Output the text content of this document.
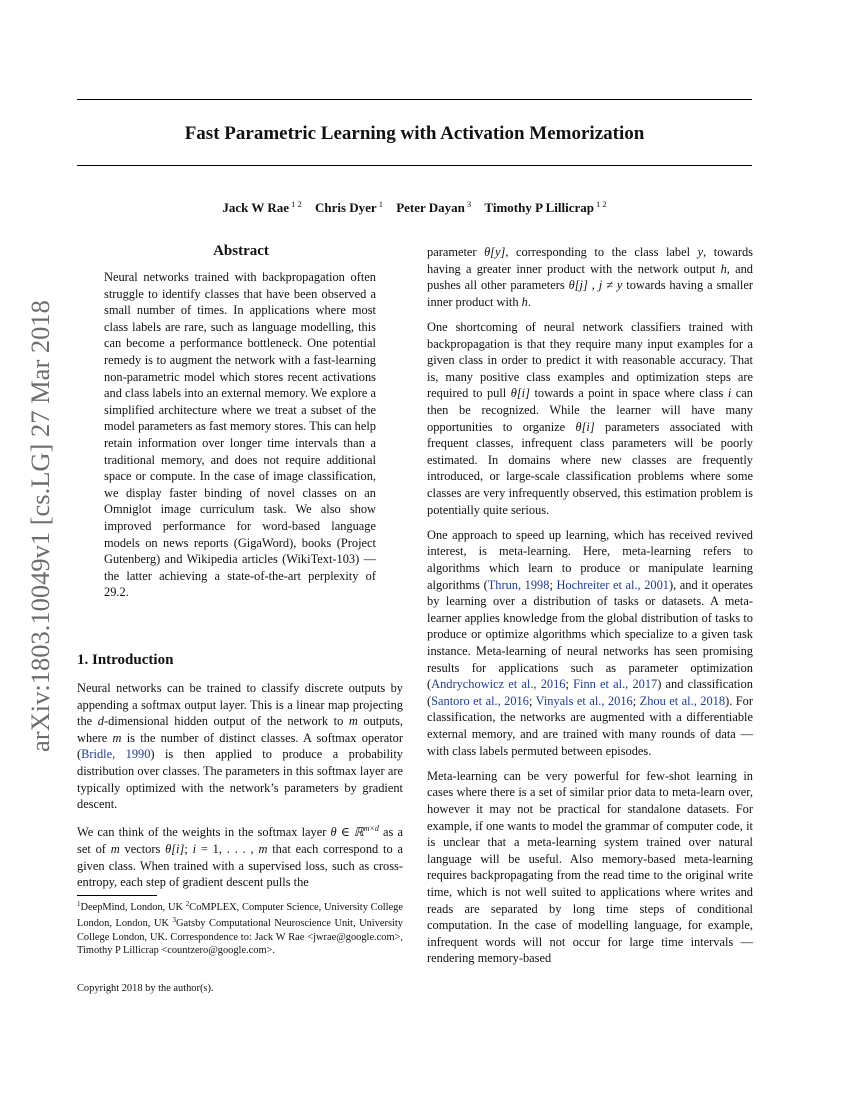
arXiv:1803.10049v1 [cs.LG] 27 Mar 2018
Fast Parametric Learning with Activation Memorization
Jack W Rae $^{1 2}$ Chris Dyer $^1$ Peter Dayan $^3$ Timothy P Lillicrap $^{1 2}$
Abstract

Neural networks trained with backpropagation often struggle to identify classes that have been observed a small number of times. In applications where most class labels are rare, such as language modelling, this can become a performance bottleneck. One potential remedy is to augment the network with a fast-learning non-parametric model which stores recent activations and class labels into an external memory. We explore a simplified architecture where we treat a subset of the model parameters as fast memory stores. This can help retain information over longer time intervals than a traditional memory, and does not require additional space or compute. In the case of image classification, we display faster binding of novel classes on an Omniglot image curriculum task. We also show improved performance for word-based language models on news reports (GigaWord), books (Project Gutenberg) and Wikipedia articles (WikiText-103) — the latter achieving a state-of-the-art perplexity of 29.2.

1. Introduction

Neural networks can be trained to classify discrete outputs by appending a softmax output layer. This is a linear map projecting the d-dimensional hidden output of the network to m outputs, where m is the number of distinct classes. A softmax operator (Bridle, 1990) is then applied to produce a probability distribution over classes. The parameters in this softmax layer are typically optimized with the network’s parameters by gradient descent.

We can think of the weights in the softmax layer θ ∈ ℝ$^{m\times d}$ as a set of m vectors θ[i]; i = 1, . . . , m that each correspond to a given class. When trained with a supervised loss, such as cross-entropy, each step of gradient descent pulls the

$^1$DeepMind, London, UK $^2$CoMPLEX, Computer Science, University College London, London, UK $^3$Gatsby Computational Neuroscience Unit, University College London, UK. Correspondence to: Jack W Rae <jwrae@google.com>, Timothy P Lillicrap <countzero@google.com>.
Copyright 2018 by the author(s).

parameter θ[y], corresponding to the class label y, towards having a greater inner product with the network output h, and pushes all other parameters θ[j] , j ≠ y towards having a smaller inner product with h.

One shortcoming of neural network classifiers trained with backpropagation is that they require many input examples for a given class in order to predict it with reasonable accuracy. That is, many positive class examples and optimization steps are required to pull θ[i] towards a point in space where class i can then be recognized. While the learner will have many opportunities to organize θ[i] parameters associated with frequent classes, infrequent class parameters will be poorly estimated. In domains where new classes are frequently introduced, or large-scale classification problems where some classes are very infrequently observed, this estimation problem is potentially quite serious.

One approach to speed up learning, which has received revived interest, is meta-learning. Here, meta-learning refers to algorithms which learn to produce or manipulate learning algorithms (Thrun, 1998; Hochreiter et al., 2001), and it operates by learning over a distribution of tasks or datasets. A meta-learner applies knowledge from the global distribution of tasks to produce or optimize algorithms which specialize to a given task instance. Meta-learning of neural networks has seen promising results for applications such as parameter optimization (Andrychowicz et al., 2016; Finn et al., 2017) and classification (Santoro et al., 2016; Vinyals et al., 2016; Zhou et al., 2018). For classification, the networks are augmented with a differentiable external memory, and are trained with many rounds of data — with class labels permuted between episodes.

Meta-learning can be very powerful for few-shot learning in cases where there is a set of similar prior data to meta-learn over, however it may not be practical for standalone datasets. For example, if one wants to model the grammar of computer code, it is unclear that a meta-learning system trained over natural language will be useful. Also memory-based meta-learning requires backpropagating from the read time to the original write time, which is not well suited to applications where writes and reads are separated by long time steps of conditional computation. In the case of modelling language, for example, infrequent words will not occur for large time intervals — rendering memory-based
